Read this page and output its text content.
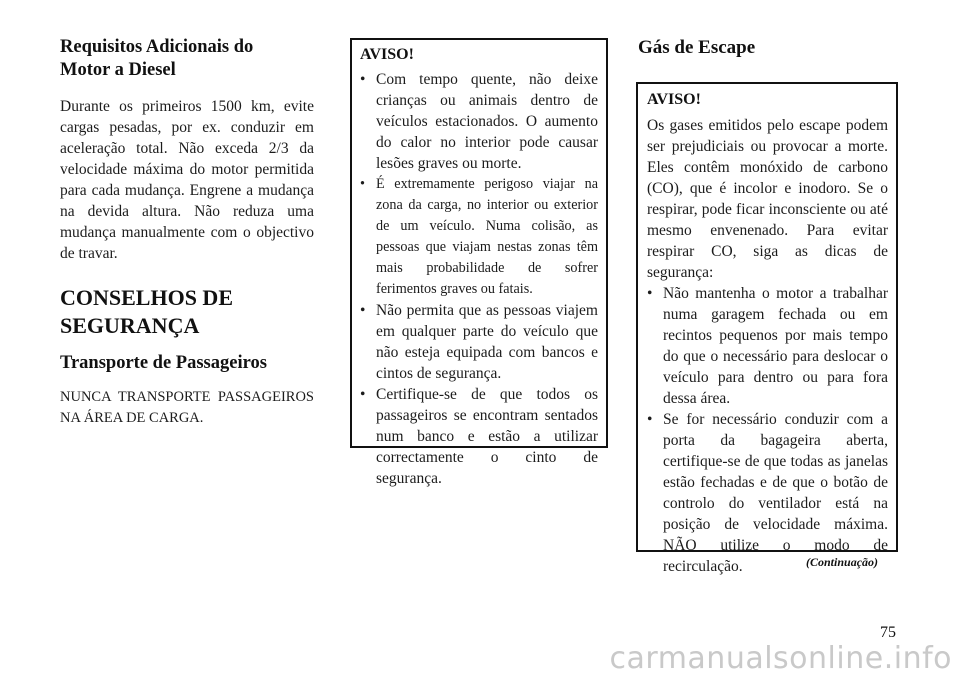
Requisitos Adicionais do
Motor a Diesel

Durante os primeiros 1500 km, evite cargas pesadas, por ex. conduzir em aceleração total. Não exceda 2/3 da velocidade máxima do motor permitida para cada mudança. Engrene a mudança na devida altura. Não reduza uma mudança manualmente com o objectivo de travar.

CONSELHOS DE
SEGURANÇA
Transporte de Passageiros

NUNCA TRANSPORTE PASSAGEIROS NA ÁREA DE CARGA.

AVISO!

• Com tempo quente, não deixe crianças ou animais dentro de veículos estacionados. O aumento do calor no interior pode causar lesões graves ou morte.
• É extremamente perigoso viajar na zona da carga, no interior ou exterior de um veículo. Numa colisão, as pessoas que viajam nestas zonas têm mais probabilidade de sofrer ferimentos graves ou fatais.
• Não permita que as pessoas viajem em qualquer parte do veículo que não esteja equipada com bancos e cintos de segurança.
• Certifique-se de que todos os passageiros se encontram sentados num banco e estão a utilizar correctamente o cinto de segurança.
Gás de Escape

AVISO!

Os gases emitidos pelo escape podem ser prejudiciais ou provocar a morte. Eles contêm monóxido de carbono (CO), que é incolor e inodoro. Se o respirar, pode ficar inconsciente ou até mesmo envenenado. Para evitar respirar CO, siga as dicas de segurança:

• Não mantenha o motor a trabalhar numa garagem fechada ou em recintos pequenos por mais tempo do que o necessário para deslocar o veículo para dentro ou para fora dessa área.
• Se for necessário conduzir com a porta da bagageira aberta, certifique-se de que todas as janelas estão fechadas e de que o botão de controlo do ventilador está na posição de velocidade máxima. NÃO utilize o modo de recirculação.	(Continuação)
75
carmanualsonline.info
